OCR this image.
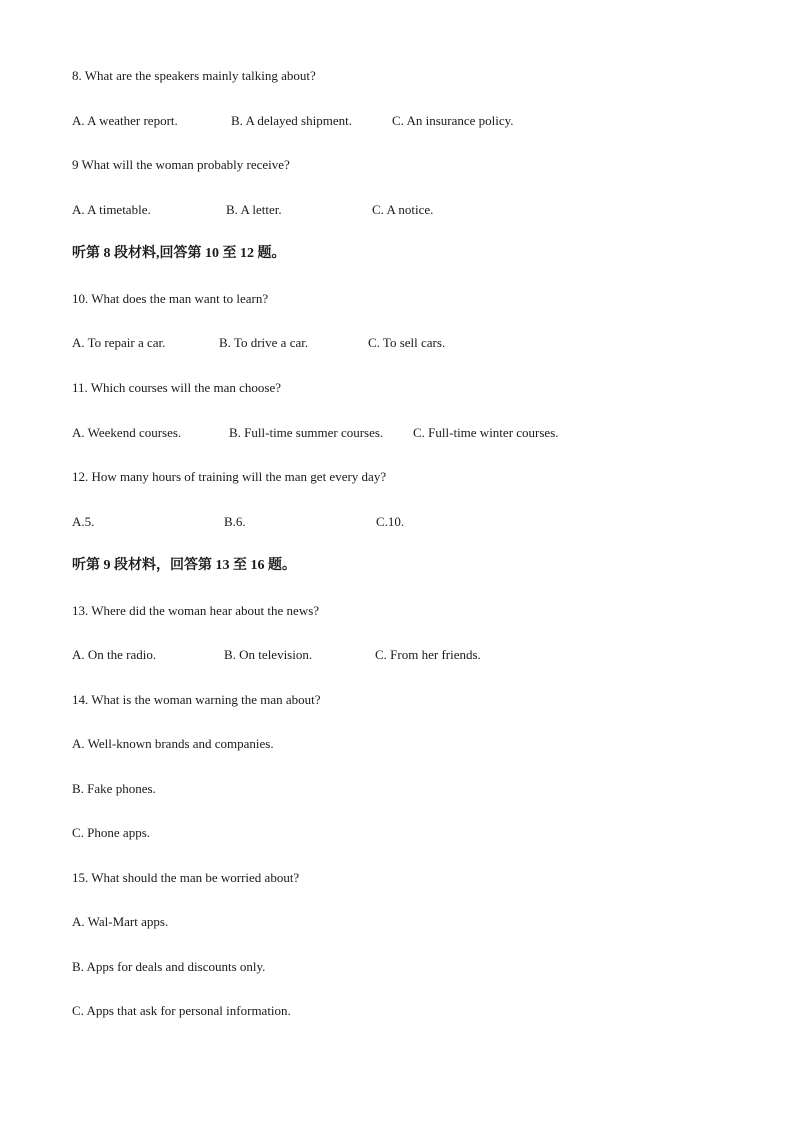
8. What are the speakers mainly talking about?
A. A weather report.	B. A delayed shipment.	C. An insurance policy.
9 What will the woman probably receive?
A. A timetable.	B. A letter.	C. A notice.
听第 8 段材料,回答第 10 至 12 题。
10. What does the man want to learn?
A. To repair a car.	B. To drive a car.	C. To sell cars.
11. Which courses will the man choose?
A. Weekend courses.	B. Full-time summer courses. C. Full-time winter courses.
12. How many hours of training will the man get every day?
A.5.	B.6.	C.10.
听第 9 段材料，回答第 13 至 16 题。
13. Where did the woman hear about the news?
A. On the radio.	B. On television.	C. From her friends.
14. What is the woman warning the man about?
A. Well-known brands and companies.
B. Fake phones.
C. Phone apps.
15. What should the man be worried about?
A. Wal-Mart apps.
B. Apps for deals and discounts only.
C. Apps that ask for personal information.
